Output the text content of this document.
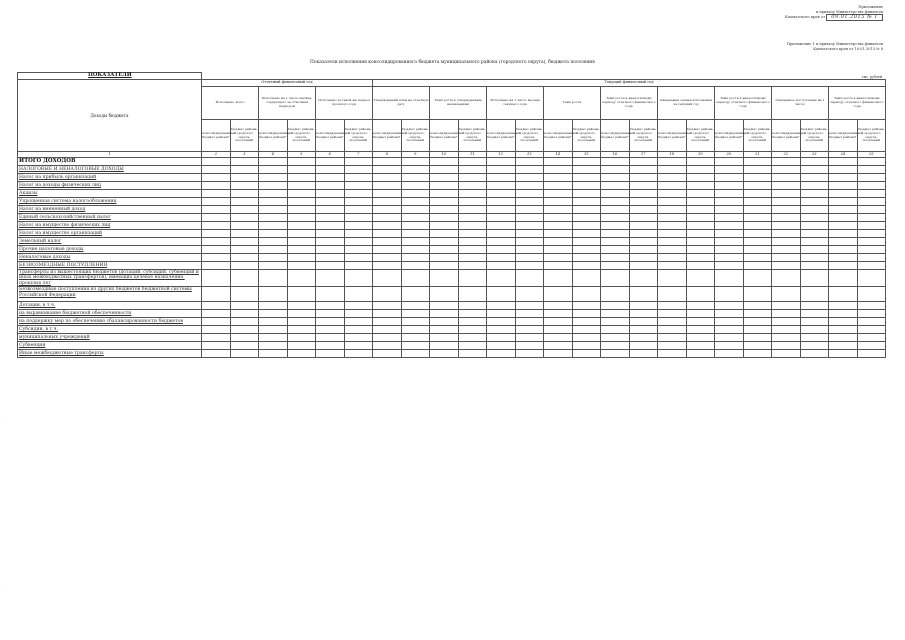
Приложение
к приказу Министерства финансов
Камчатского края от 09.01.2015 № 1
Приложение 1 к приказу Министерства финансов
Камчатского края от 10.01.2013 № 8
Показатели исполнения консолидированного бюджета муниципального района (городского округа), бюджета поселения
тыс. рублей
ПОКАЗАТЕЛИ																								
Доходы бюджета	Отчетный финансовый год						Текущий финансовый год																	
	Исполнено, всего		Исполнено на 1 число месяца, следующего за отчетным периодом		Исполнено за такой же период прошлого года		Утвержденный план на отчетную дату		Темп роста к утвержденным назначениям		Исполнено на 1 число месяца текущего года		Темп роста		Темп роста к аналогичному периоду отчетного финансового года		Ожидаемая оценка исполнения за текущий год		Темп роста к аналогичному периоду отчетного финансового года		Ожидаемое поступление на 1 число		Темп роста к аналогичному периоду отчетного финансового года	
	консолидированный бюджет района*	бюджет района, городского округа, поселений	консолидированный бюджет района*	бюджет района, городского округа, поселений	консолидированный бюджет района*	бюджет района, городского округа, поселений	консолидированный бюджет района*	бюджет района, городского округа, поселений	консолидированный бюджет района*	бюджет района, городского округа, поселений	консолидированный бюджет района*	бюджет района, городского округа, поселений	консолидированный бюджет района*	бюджет района, городского округа, поселений	консолидированный бюджет района*	бюджет района, городского округа, поселений	консолидированный бюджет района*	бюджет района, городского округа, поселений	консолидированный бюджет района*	бюджет района, городского округа, поселений	консолидированный бюджет района*	бюджет района, городского округа, поселений	консолидированный бюджет района*	бюджет района, городского округа, поселений
1	2	3	4	5	6	7	8	9	10	11	12	13	14	15	16	17	18	19	20	21	22	23	24	25
ИТОГО ДОХОДОВ																								
НАЛОГОВЫЕ И НЕНАЛОГОВЫЕ ДОХОДЫ																								
Налог на прибыль организаций																								
Налог на доходы физических лиц																								
Акцизы																								
Упрощенная система налогообложения																								
Налог на вмененный доход																								
Единый сельскохозяйственный налог																								
Налог на имущество физических лиц																								
Налог на имущество организаций																								
Земельный налог																								
Прочие налоговые доходы																								
Неналоговые доходы																								
БЕЗВОЗМЕЗДНЫЕ ПОСТУПЛЕНИЯ																								
Трансферты из вышестоящих бюджетов (дотаций, субсидий, субвенций и иных межбюджетных трансфертов), имеющих целевое назначение, прошлых лет																								
Безвозмездные поступления из других бюджетов бюджетной системы Российской Федерации																								
Дотации, в т.ч.																								
на выравнивание бюджетной обеспеченности																								
на поддержку мер по обеспечению сбалансированности бюджетов																								
Субсидии, в т.ч.																								
муниципальных учреждений																								
Субвенции																								
Иные межбюджетные трансферты																								
·
·
